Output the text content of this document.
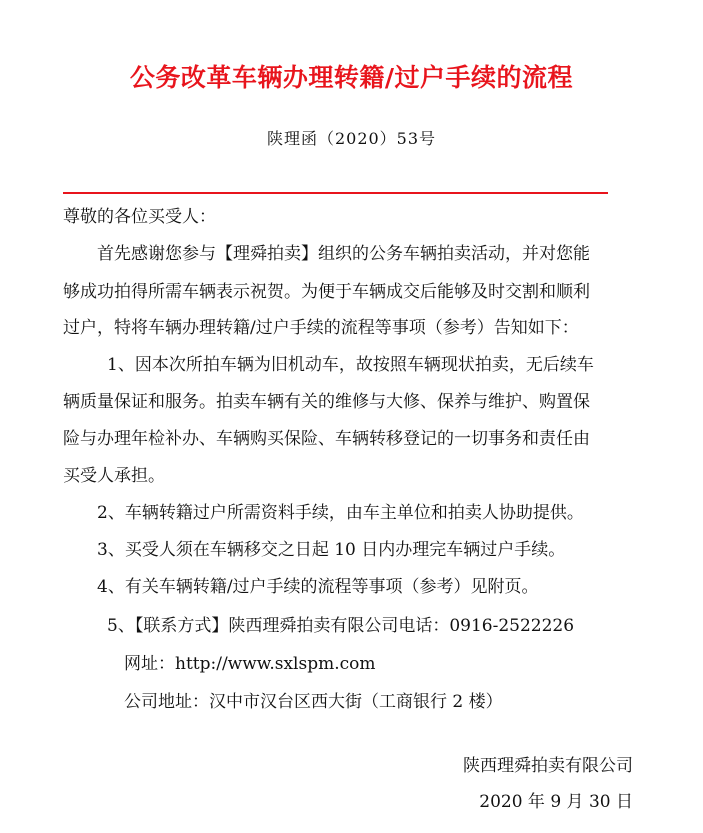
公务改革车辆办理转籍/过户手续的流程
陕理函（2020）53号
尊敬的各位买受人：
首先感谢您参与【理舜拍卖】组织的公务车辆拍卖活动，并对您能
够成功拍得所需车辆表示祝贺。为便于车辆成交后能够及时交割和顺利
过户，特将车辆办理转籍/过户手续的流程等事项（参考）告知如下：
1、因本次所拍车辆为旧机动车，故按照车辆现状拍卖，无后续车
辆质量保证和服务。拍卖车辆有关的维修与大修、保养与维护、购置保
险与办理年检补办、车辆购买保险、车辆转移登记的一切事务和责任由
买受人承担。
2、车辆转籍过户所需资料手续，由车主单位和拍卖人协助提供。
3、买受人须在车辆移交之日起 10 日内办理完车辆过户手续。
4、有关车辆转籍/过户手续的流程等事项（参考）见附页。
5、【联系方式】陕西理舜拍卖有限公司电话：0916-2522226
网址：http://www.sxlspm.com
公司地址：汉中市汉台区西大街（工商银行 2 楼）
陕西理舜拍卖有限公司
2020 年 9 月 30 日
